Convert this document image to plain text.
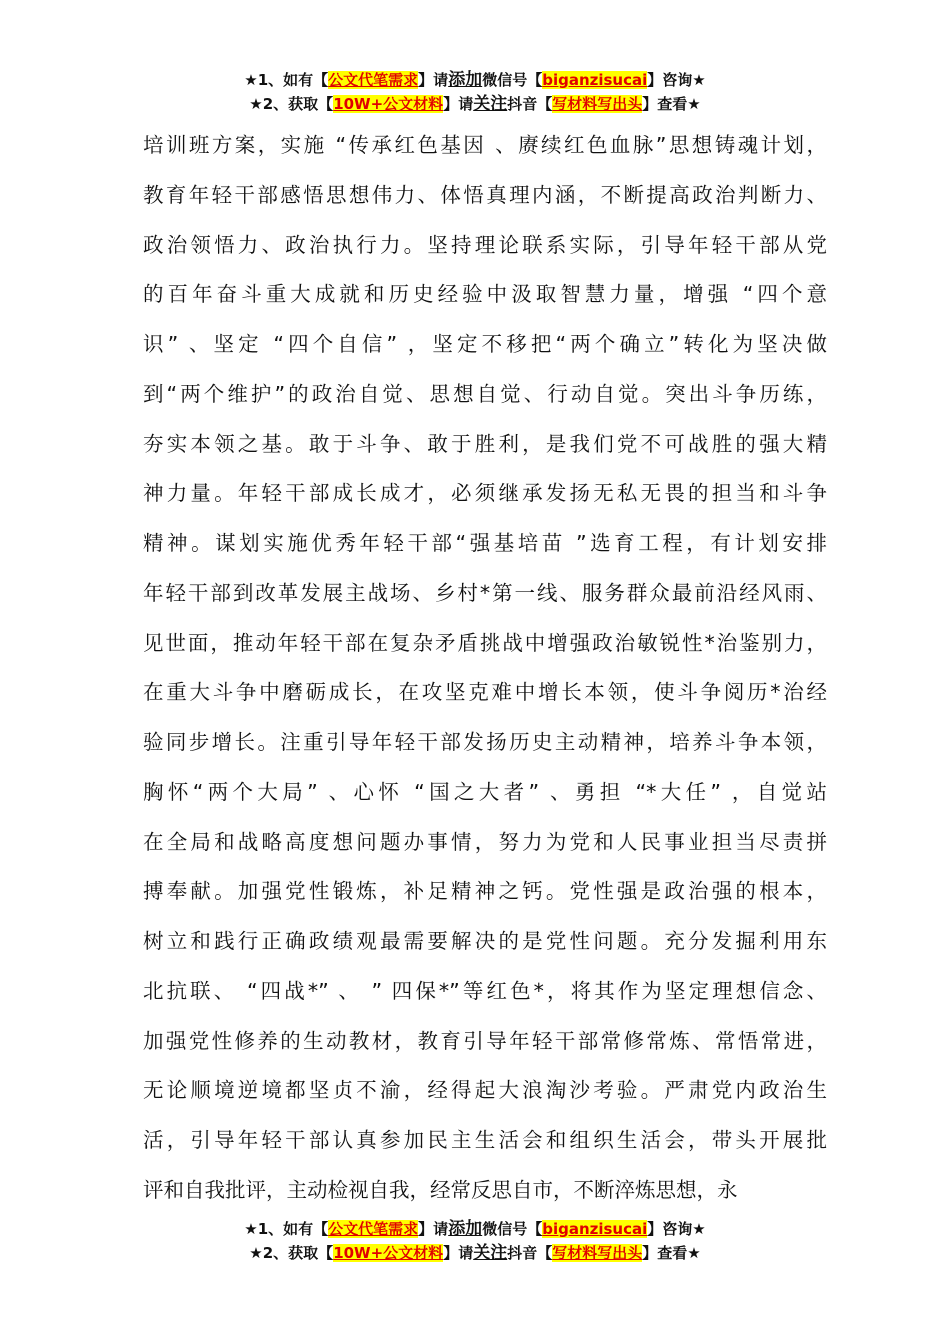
★1、如有【公文代笔需求】请添加微信号【biganzisucai】咨询★
★2、获取【10W+公文材料】请关注抖音【写材料写出头】查看★
培训班方案，实施 “传承红色基因 、赓续红色血脉”思想铸魂计划，
教育年轻干部感悟思想伟力、体悟真理内涵，不断提高政治判断力、
政治领悟力、政治执行力。坚持理论联系实际，引导年轻干部从党
的百年奋斗重大成就和历史经验中汲取智慧力量，增强 “四个意
识” 、坚定 “四个自信” ，坚定不移把“两个确立”转化为坚决做
到“两个维护”的政治自觉、思想自觉、行动自觉。突出斗争历练，
夯实本领之基。敢于斗争、敢于胜利，是我们党不可战胜的强大精
神力量。年轻干部成长成才，必须继承发扬无私无畏的担当和斗争
精神。谋划实施优秀年轻干部“强基培苗 ”选育工程，有计划安排
年轻干部到改革发展主战场、乡村*第一线、服务群众最前沿经风雨、
见世面，推动年轻干部在复杂矛盾挑战中增强政治敏锐性*治鉴别力，
在重大斗争中磨砺成长，在攻坚克难中增长本领，使斗争阅历*治经
验同步增长。注重引导年轻干部发扬历史主动精神，培养斗争本领，
胸怀“两个大局” 、心怀 “国之大者” 、勇担 “*大任” ，自觉站
在全局和战略高度想问题办事情，努力为党和人民事业担当尽责拼
搏奉献。加强党性锻炼，补足精神之钙。党性强是政治强的根本，
树立和践行正确政绩观最需要解决的是党性问题。充分发掘利用东
北抗联、 “四战*” 、 ” 四保*”等红色*，将其作为坚定理想信念、
加强党性修养的生动教材，教育引导年轻干部常修常炼、常悟常进，
无论顺境逆境都坚贞不渝，经得起大浪淘沙考验。严肃党内政治生
活，引导年轻干部认真参加民主生活会和组织生活会，带头开展批
评和自我批评，主动检视自我，经常反思自市，不断淬炼思想，永
★1、如有【公文代笔需求】请添加微信号【biganzisucai】咨询★
★2、获取【10W+公文材料】请关注抖音【写材料写出头】查看★
